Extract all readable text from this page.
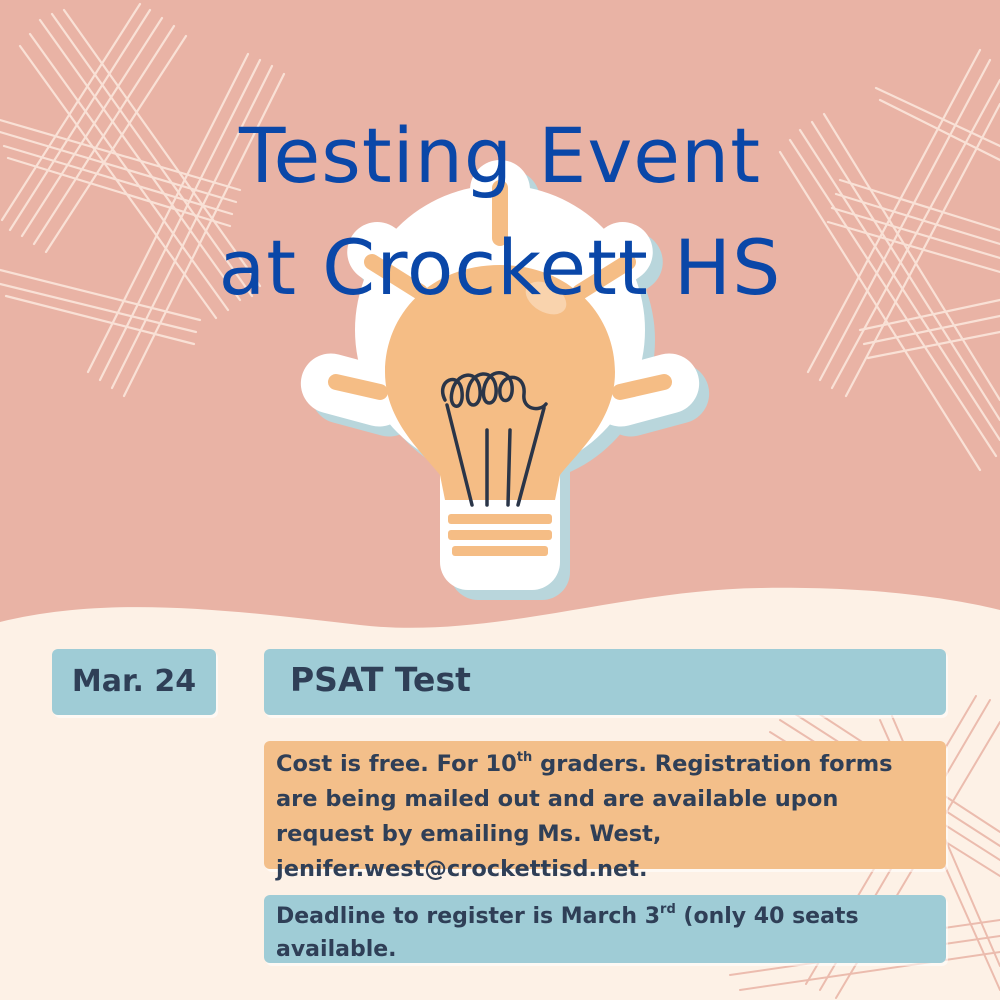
Testing Event
at Crockett HS
Mar. 24	PSAT Test
Cost is free. For 10th graders. Registration forms are being mailed out and are available upon request by emailing Ms. West, jenifer.west@crockettisd.net.
Deadline to register is March 3rd (only 40 seats available.
